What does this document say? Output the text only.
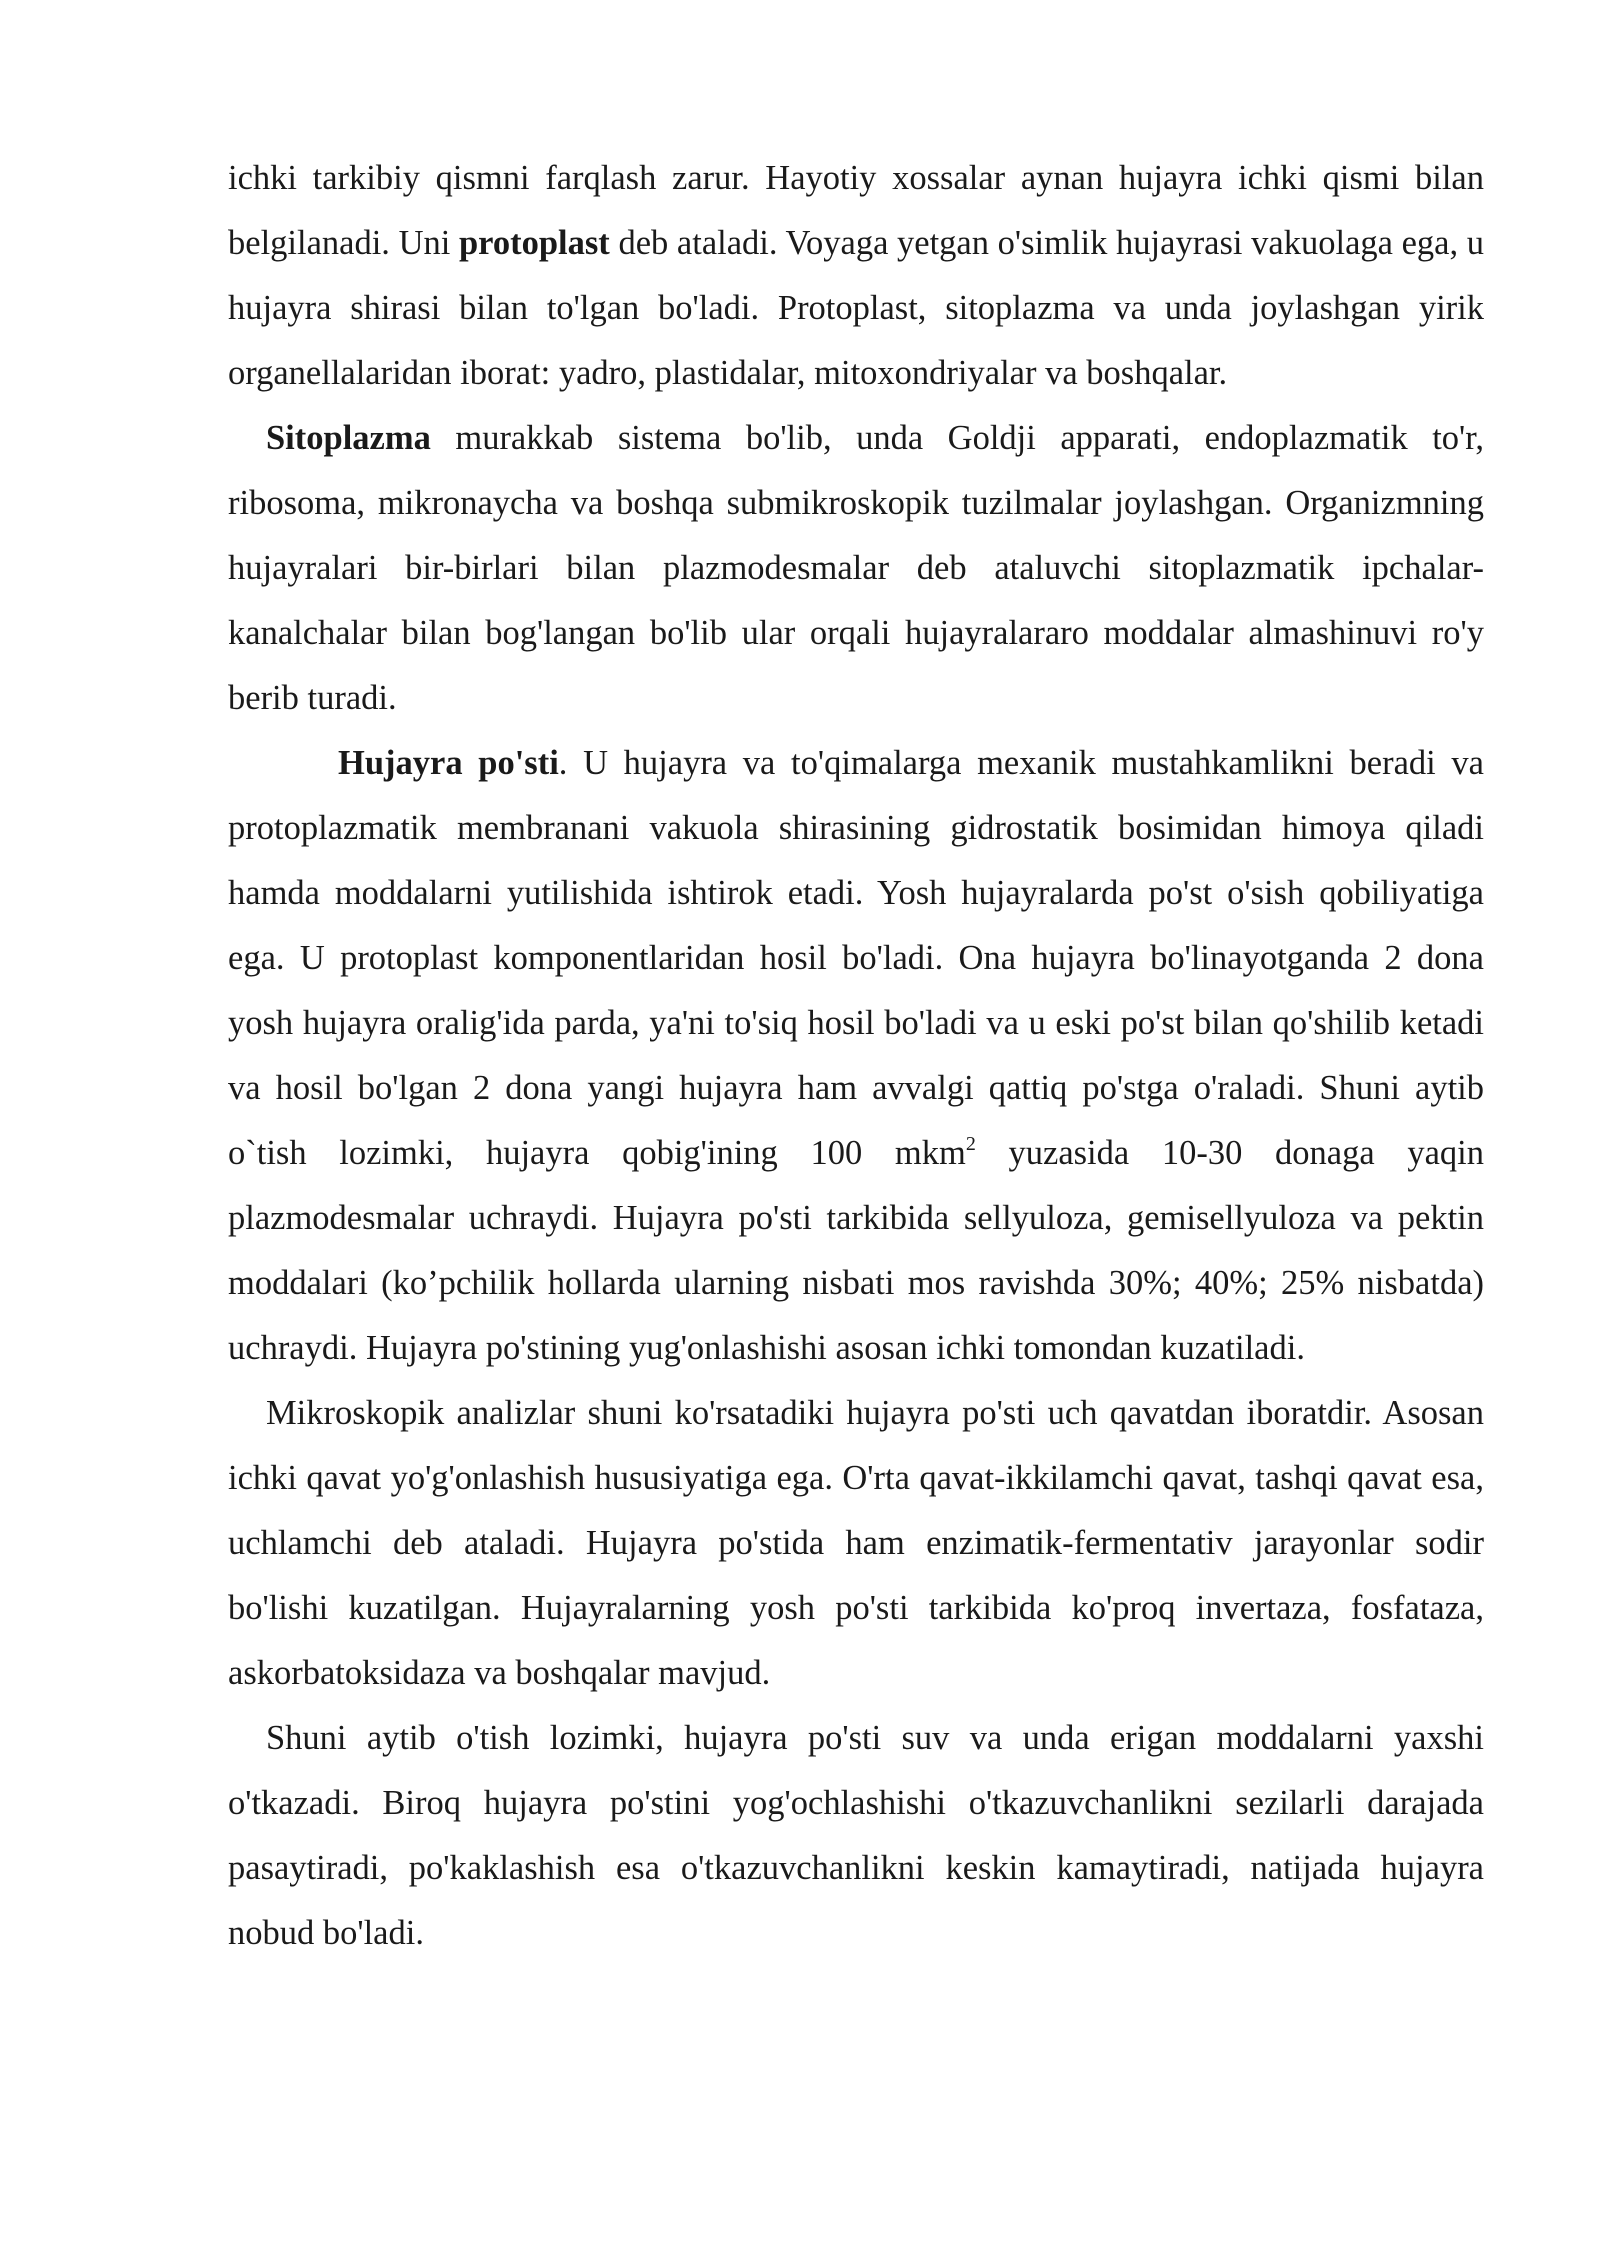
ichki tarkibiy qismni farqlash zarur. Hayotiy xossalar aynan hujayra ichki qismi bilan belgilanadi. Uni protoplast deb ataladi. Voyaga yetgan o'simlik hujayrasi vakuolaga ega, u hujayra shirasi bilan to'lgan bo'ladi. Protoplast, sitoplazma va unda joylashgan yirik organellalaridan iborat: yadro, plastidalar, mitoxondriyalar va boshqalar.

Sitoplazma murakkab sistema bo'lib, unda Goldji apparati, endoplazmatik to'r, ribosoma, mikronaycha va boshqa submikroskopik tuzilmalar joylashgan. Organizmning hujayralari bir-birlari bilan plazmodesmalar deb ataluvchi sitoplazmatik ipchalar-kanalchalar bilan bog'langan bo'lib ular orqali hujayralararo moddalar almashinuvi ro'y berib turadi.

Hujayra po'sti. U hujayra va to'qimalarga mexanik mustahkamlikni beradi va protoplazmatik membranani vakuola shirasining gidrostatik bosimidan himoya qiladi hamda moddalarni yutilishida ishtirok etadi. Yosh hujayralarda po'st o'sish qobiliyatiga ega. U protoplast komponentlaridan hosil bo'ladi. Ona hujayra bo'linayotganda 2 dona yosh hujayra oralig'ida parda, ya'ni to'siq hosil bo'ladi va u eski po'st bilan qo'shilib ketadi va hosil bo'lgan 2 dona yangi hujayra ham avvalgi qattiq po'stga o'raladi. Shuni aytib o`tish lozimki, hujayra qobig'ining 100 mkm$^2$ yuzasida 10-30 donaga yaqin plazmodesmalar uchraydi. Hujayra po'sti tarkibida sellyuloza, gemisellyuloza va pektin moddalari (ko’pchilik hollarda ularning nisbati mos ravishda 30%; 40%; 25% nisbatda) uchraydi. Hujayra po'stining yug'onlashishi asosan ichki tomondan kuzatiladi.

Mikroskopik analizlar shuni ko'rsatadiki hujayra po'sti uch qavatdan iboratdir. Asosan ichki qavat yo'g'onlashish hususiyatiga ega. O'rta qavat-ikkilamchi qavat, tashqi qavat esa, uchlamchi deb ataladi. Hujayra po'stida ham enzimatik-fermentativ jarayonlar sodir bo'lishi kuzatilgan. Hujayralarning yosh po'sti tarkibida ko'proq invertaza, fosfataza, askorbatoksidaza va boshqalar mavjud.

Shuni aytib o'tish lozimki, hujayra po'sti suv va unda erigan moddalarni yaxshi o'tkazadi. Biroq hujayra po'stini yog'ochlashishi o'tkazuvchanlikni sezilarli darajada pasaytiradi, po'kaklashish esa o'tkazuvchanlikni keskin kamaytiradi, natijada hujayra nobud bo'ladi.
